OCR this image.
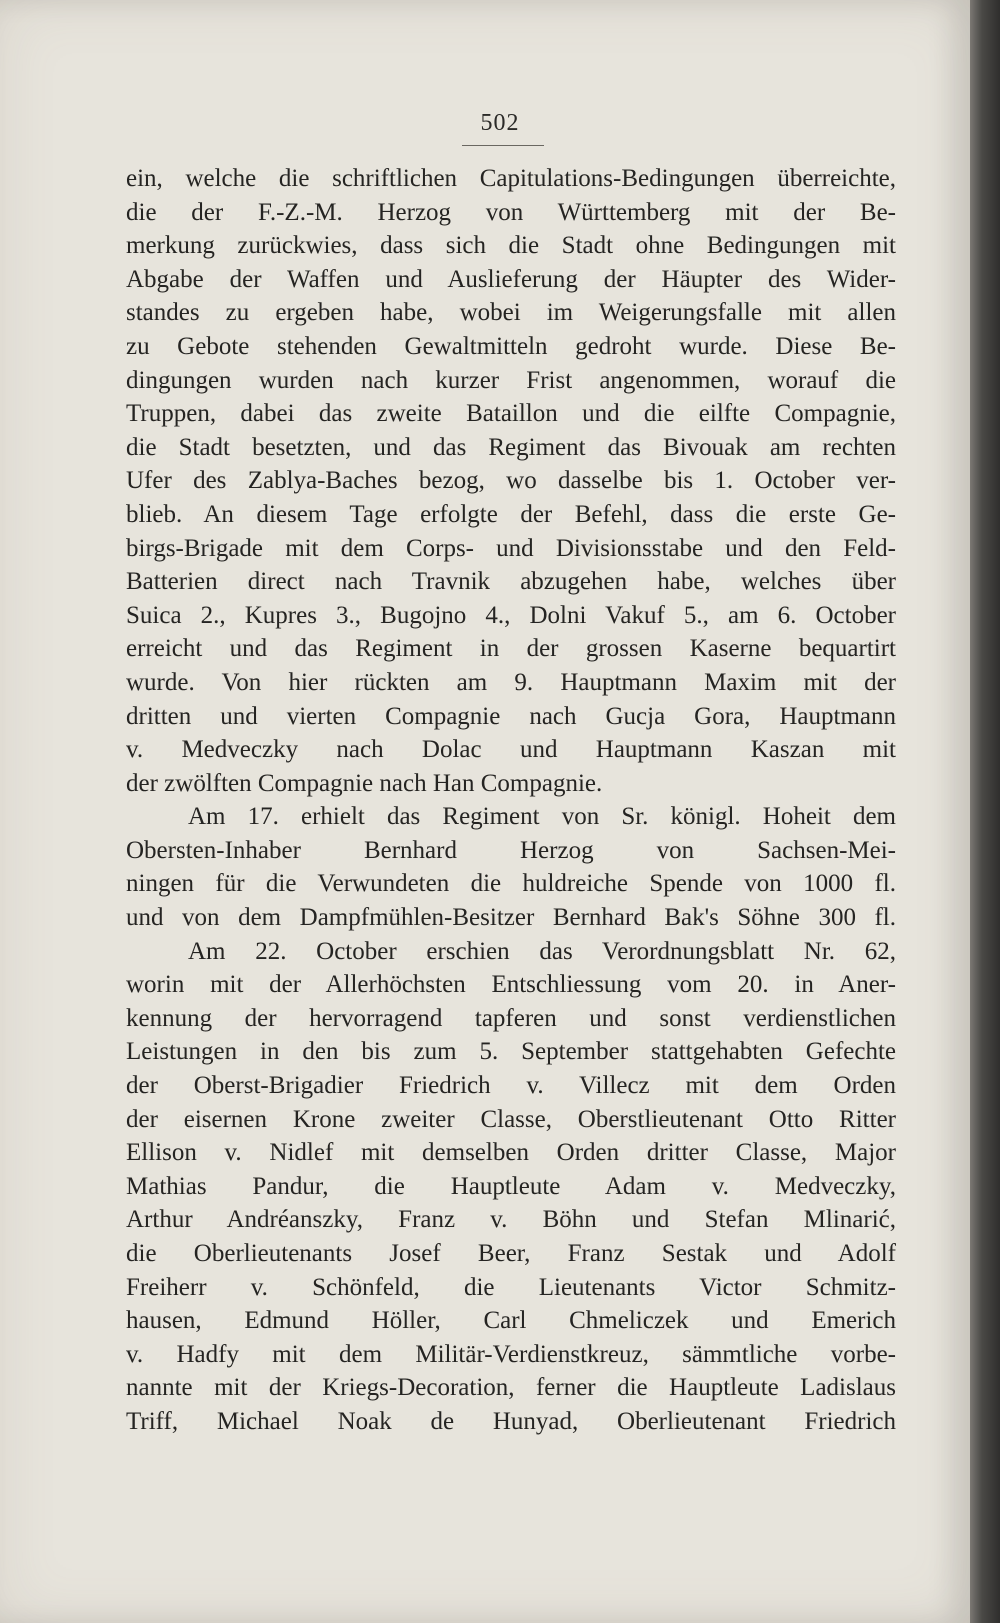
502
ein, welche die schriftlichen Capitulations-Bedingungen überreichte,
die der F.-Z.-M. Herzog von Württemberg mit der Be-
merkung zurückwies, dass sich die Stadt ohne Bedingungen mit
Abgabe der Waffen und Auslieferung der Häupter des Wider-
standes zu ergeben habe, wobei im Weigerungsfalle mit allen
zu Gebote stehenden Gewaltmitteln gedroht wurde. Diese Be-
dingungen wurden nach kurzer Frist angenommen, worauf die
Truppen, dabei das zweite Bataillon und die eilfte Compagnie,
die Stadt besetzten, und das Regiment das Bivouak am rechten
Ufer des Zablya-Baches bezog, wo dasselbe bis 1. October ver-
blieb. An diesem Tage erfolgte der Befehl, dass die erste Ge-
birgs-Brigade mit dem Corps- und Divisionsstabe und den Feld-
Batterien direct nach Travnik abzugehen habe, welches über
Suica 2., Kupres 3., Bugojno 4., Dolni Vakuf 5., am 6. October
erreicht und das Regiment in der grossen Kaserne bequartirt
wurde. Von hier rückten am 9. Hauptmann Maxim mit der
dritten und vierten Compagnie nach Gucja Gora, Hauptmann
v. Medveczky nach Dolac und Hauptmann Kaszan mit
der zwölften Compagnie nach Han Compagnie.
Am 17. erhielt das Regiment von Sr. königl. Hoheit dem
Obersten-Inhaber Bernhard Herzog von Sachsen-Mei-
ningen für die Verwundeten die huldreiche Spende von 1000 fl.
und von dem Dampfmühlen-Besitzer Bernhard Bak's Söhne 300 fl.
Am 22. October erschien das Verordnungsblatt Nr. 62,
worin mit der Allerhöchsten Entschliessung vom 20. in Aner-
kennung der hervorragend tapferen und sonst verdienstlichen
Leistungen in den bis zum 5. September stattgehabten Gefechte
der Oberst-Brigadier Friedrich v. Villecz mit dem Orden
der eisernen Krone zweiter Classe, Oberstlieutenant Otto Ritter
Ellison v. Nidlef mit demselben Orden dritter Classe, Major
Mathias Pandur, die Hauptleute Adam v. Medveczky,
Arthur Andréanszky, Franz v. Böhn und Stefan Mlinarić,
die Oberlieutenants Josef Beer, Franz Sestak und Adolf
Freiherr v. Schönfeld, die Lieutenants Victor Schmitz-
hausen, Edmund Höller, Carl Chmeliczek und Emerich
v. Hadfy mit dem Militär-Verdienstkreuz, sämmtliche vorbe-
nannte mit der Kriegs-Decoration, ferner die Hauptleute Ladislaus
Triff, Michael Noak de Hunyad, Oberlieutenant Friedrich
